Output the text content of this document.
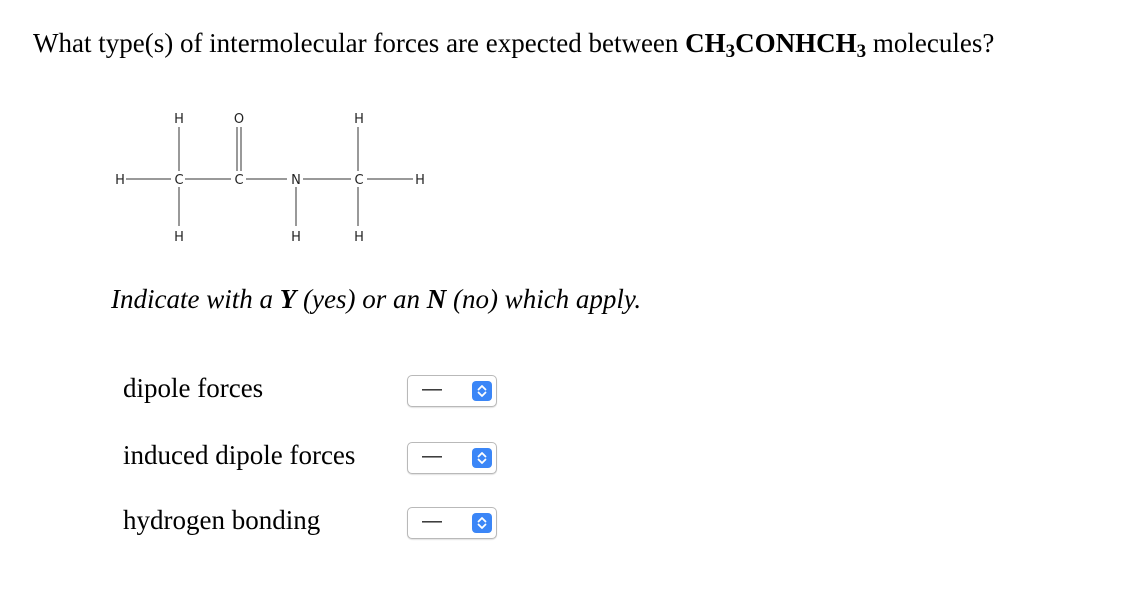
What type(s) of intermolecular forces are expected between $CH_3CONHCH_3$ molecules?
H	C	C	N	C	H
H	O	H
H	H	H
Indicate with a Y (yes) or an N (no) which apply.
dipole forces	—
induced dipole forces	—
hydrogen bonding	—
